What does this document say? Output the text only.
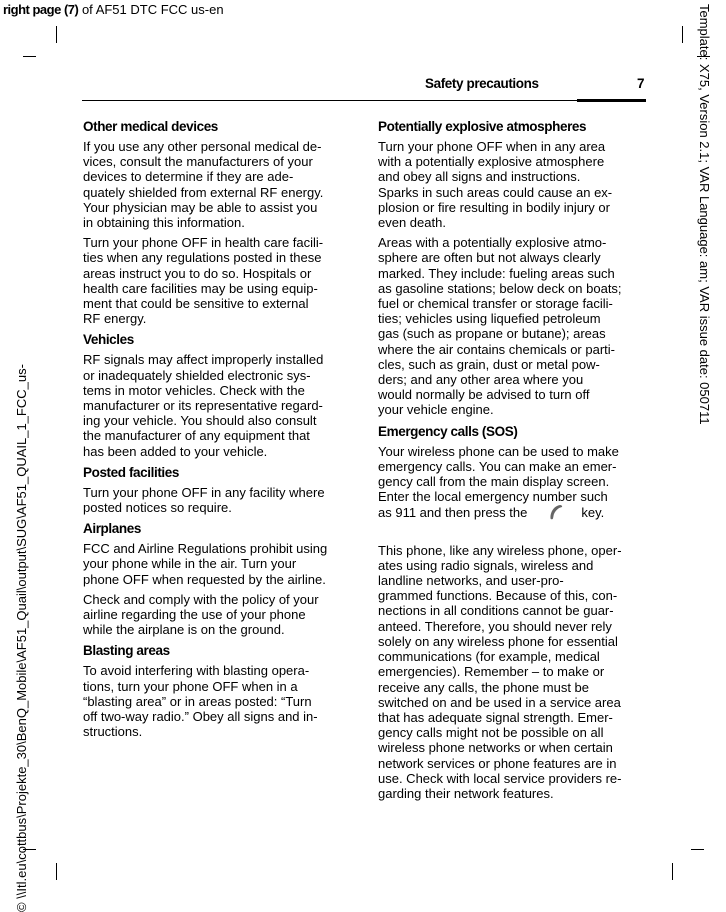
right page (7) of AF51 DTC FCC us-en
© \\Itl.eu\cottbus\Projekte_30\BenQ_Mobile\AF51_Quail\output\SUG\AF51_QUAIL_1_FCC_us-
Template: X75, Version 2.1; VAR Language: am; VAR issue date: 050711
Safety precautions	7
Other medical devices

If you use any other personal medical de-
vices, consult the manufacturers of your
devices to determine if they are ade-
quately shielded from external RF energy.
Your physician may be able to assist you
in obtaining this information.

Turn your phone OFF in health care facili-
ties when any regulations posted in these
areas instruct you to do so. Hospitals or
health care facilities may be using equip-
ment that could be sensitive to external
RF energy.

Vehicles

RF signals may affect improperly installed
or inadequately shielded electronic sys-
tems in motor vehicles. Check with the
manufacturer or its representative regard-
ing your vehicle. You should also consult
the manufacturer of any equipment that
has been added to your vehicle.

Posted facilities

Turn your phone OFF in any facility where
posted notices so require.

Airplanes

FCC and Airline Regulations prohibit using
your phone while in the air. Turn your
phone OFF when requested by the airline.

Check and comply with the policy of your
airline regarding the use of your phone
while the airplane is on the ground.

Blasting areas

To avoid interfering with blasting opera-
tions, turn your phone OFF when in a
“blasting area” or in areas posted: “Turn
off two-way radio.” Obey all signs and in-
structions.

Potentially explosive atmospheres

Turn your phone OFF when in any area
with a potentially explosive atmosphere
and obey all signs and instructions.
Sparks in such areas could cause an ex-
plosion or fire resulting in bodily injury or
even death.

Areas with a potentially explosive atmo-
sphere are often but not always clearly
marked. They include: fueling areas such
as gasoline stations; below deck on boats;
fuel or chemical transfer or storage facili-
ties; vehicles using liquefied petroleum
gas (such as propane or butane); areas
where the air contains chemicals or parti-
cles, such as grain, dust or metal pow-
ders; and any other area where you
would normally be advised to turn off
your vehicle engine.

Emergency calls (SOS)

Your wireless phone can be used to make
emergency calls. You can make an emer-
gency call from the main display screen.
Enter the local emergency number such
as 911 and then press the	key.

This phone, like any wireless phone, oper-
ates using radio signals, wireless and
landline networks, and user-pro-
grammed functions. Because of this, con-
nections in all conditions cannot be guar-
anteed. Therefore, you should never rely
solely on any wireless phone for essential
communications (for example, medical
emergencies). Remember – to make or
receive any calls, the phone must be
switched on and be used in a service area
that has adequate signal strength. Emer-
gency calls might not be possible on all
wireless phone networks or when certain
network services or phone features are in
use. Check with local service providers re-
garding their network features.
